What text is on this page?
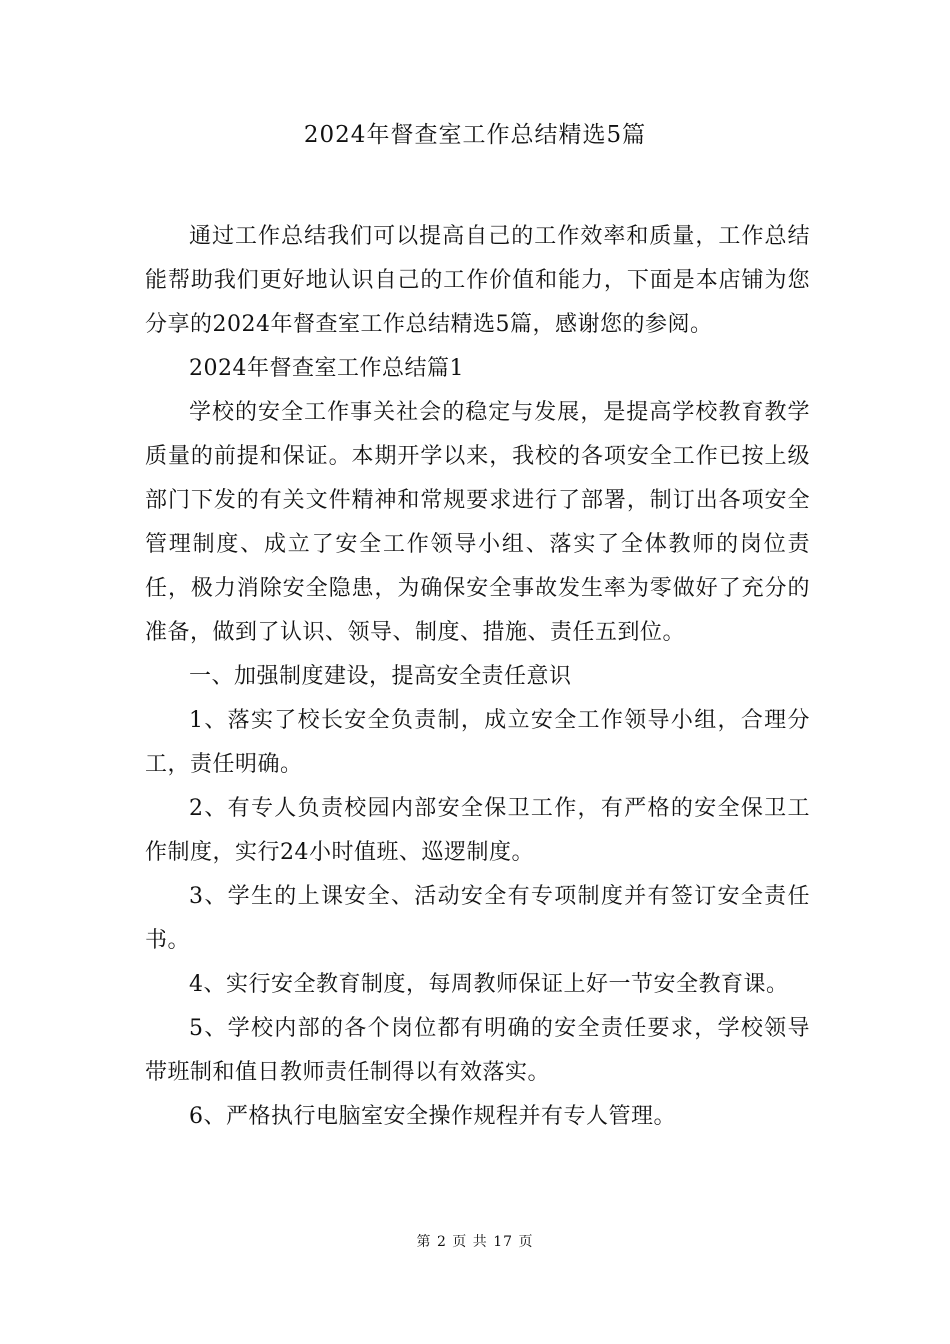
2024年督查室工作总结精选5篇

通过工作总结我们可以提高自己的工作效率和质量，工作总结能帮助我们更好地认识自己的工作价值和能力，下面是本店铺为您分享的2024年督查室工作总结精选5篇，感谢您的参阅。

2024年督查室工作总结篇1

学校的安全工作事关社会的稳定与发展，是提高学校教育教学质量的前提和保证。本期开学以来，我校的各项安全工作已按上级部门下发的有关文件精神和常规要求进行了部署，制订出各项安全管理制度、成立了安全工作领导小组、落实了全体教师的岗位责任，极力消除安全隐患，为确保安全事故发生率为零做好了充分的准备，做到了认识、领导、制度、措施、责任五到位。

一、加强制度建设，提高安全责任意识

1、落实了校长安全负责制，成立安全工作领导小组，合理分工，责任明确。

2、有专人负责校园内部安全保卫工作，有严格的安全保卫工作制度，实行24小时值班、巡逻制度。

3、学生的上课安全、活动安全有专项制度并有签订安全责任书。

4、实行安全教育制度，每周教师保证上好一节安全教育课。

5、学校内部的各个岗位都有明确的安全责任要求，学校领导带班制和值日教师责任制得以有效落实。

6、严格执行电脑室安全操作规程并有专人管理。

第 2 页 共 17 页
